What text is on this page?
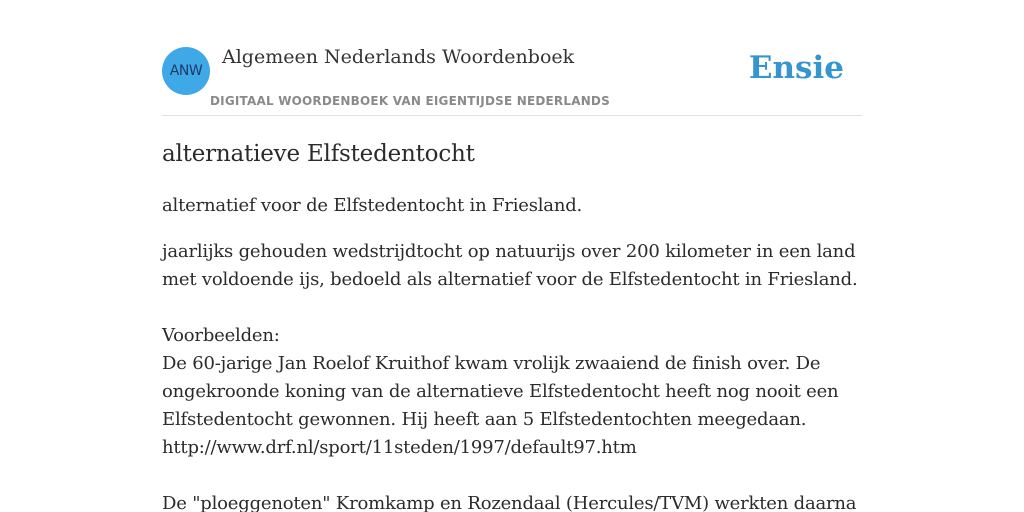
ANW
Algemeen Nederlands Woordenboek
DIGITAAL WOORDENBOEK VAN EIGENTIJDSE NEDERLANDS
Ensie
alternatieve Elfstedentocht

alternatief voor de Elfstedentocht in Friesland.

jaarlijks gehouden wedstrijdtocht op natuurijs over 200 kilometer in een land met voldoende ijs, bedoeld als alternatief voor de Elfstedentocht in Friesland.

Voorbeelden:

De 60-jarige Jan Roelof Kruithof kwam vrolijk zwaaiend de finish over. De ongekroonde koning van de alternatieve Elfstedentocht heeft nog nooit een Elfstedentocht gewonnen. Hij heeft aan 5 Elfstedentochten meegedaan.
http://www.drf.nl/sport/11steden/1997/default97.htm
De "ploeggenoten" Kromkamp en Rozendaal (Hercules/TVM) werkten daarna
